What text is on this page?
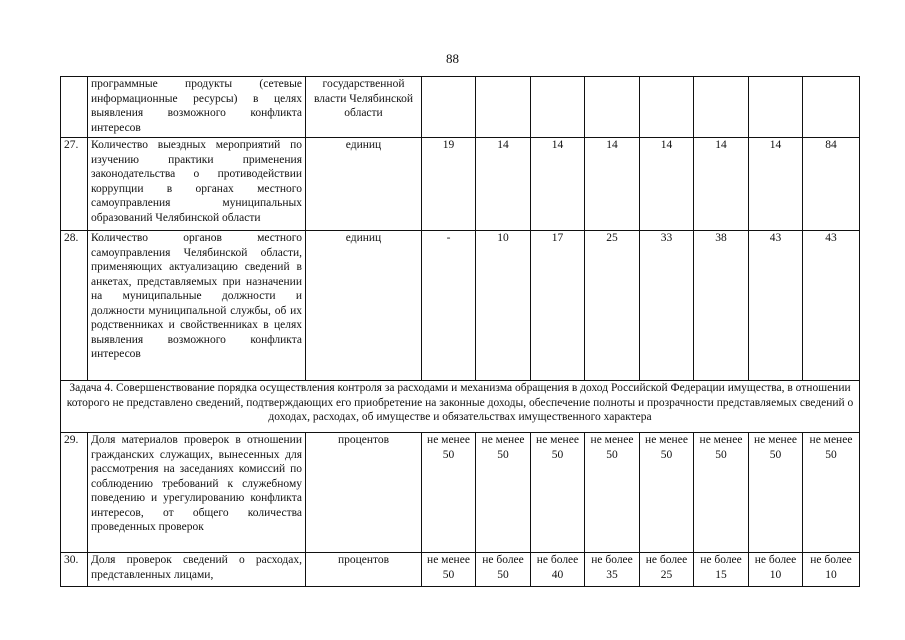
88
	программные продукты (сетевые информационные ресурсы) в целях выявления возможного конфликта интересов	государственной власти Челябинской области								
27.	Количество выездных мероприятий по изучению практики применения законодательства о противодействии коррупции в органах местного самоуправления муниципальных образований Челябинской области	единиц	19	14	14	14	14	14	14	84
28.	Количество органов местного самоуправления Челябинской области, применяющих актуализацию сведений в анкетах, представляемых при назначении на муниципальные должности и должности муниципальной службы, об их родственниках и свойственниках в целях выявления возможного конфликта интересов	единиц	-	10	17	25	33	38	43	43
Задача 4. Совершенствование порядка осуществления контроля за расходами и механизма обращения в доход Российской Федерации имущества, в отношении которого не представлено сведений, подтверждающих его приобретение на законные доходы, обеспечение полноты и прозрачности представляемых сведений о доходах, расходах, об имуществе и обязательствах имущественного характера										
29.	Доля материалов проверок в отношении гражданских служащих, вынесенных для рассмотрения на заседаниях комиссий по соблюдению требований к служебному поведению и урегулированию конфликта интересов, от общего количества проведенных проверок	процентов	не менее 50	не менее 50	не менее 50	не менее 50	не менее 50	не менее 50	не менее 50	не менее 50
30.	Доля проверок сведений о расходах, представленных лицами,	процентов	не менее 50	не более 50	не более 40	не более 35	не более 25	не более 15	не более 10	не более 10
